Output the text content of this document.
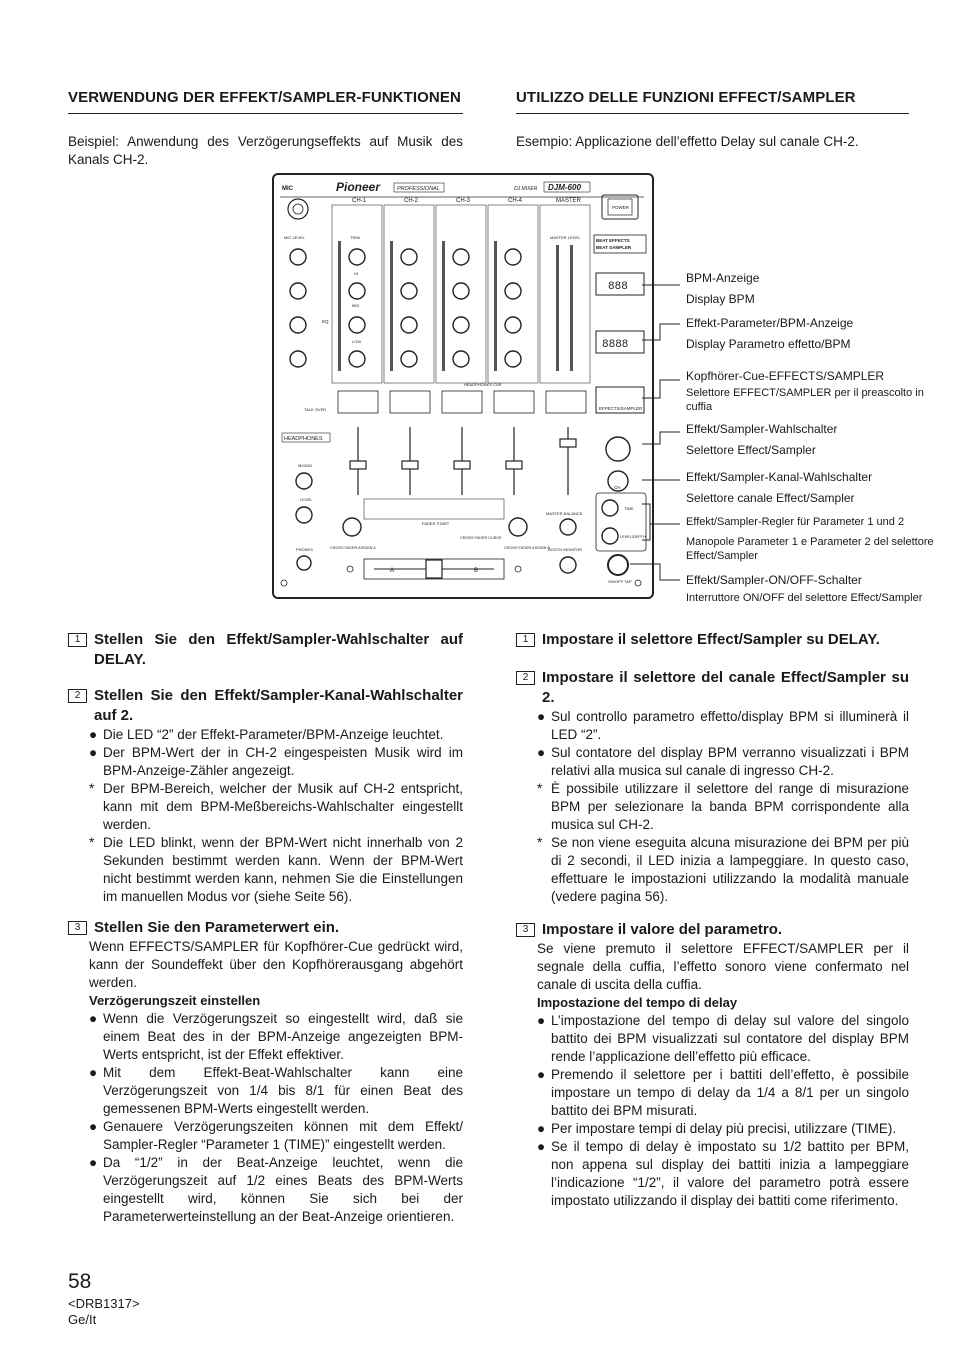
VERWENDUNG DER EFFEKT/SAMPLER-FUNKTIONEN	UTILIZZO DELLE FUNZIONI EFFECT/SAMPLER
Beispiel: Anwendung des Verzögerungseffekts auf Musik des Kanals CH-2.
Esempio: Applicazione dell’effetto Delay sul canale CH-2.
MIC	Pioneer	PROFESSIONAL	DJ MIXER DJM-600
POWER
CH-1	CH-2	CH-3	CH-4	MASTER
MIC LEVEL	TRIM
HI
MID
LOW
EQ
MASTER LEVEL
TALK OVER
HEADPHONES CUE
BEAT EFFECTS
BEAT SAMPLER
888
8888
EFFECTS/SAMPLER
CH
TIME
LEVEL/DEPTH
ON/OFF TAP
HEADPHONES
MIXING
LEVEL
PHONES
FADER START
CROSS FADER CURVE
CROSS FADER ASSIGN A	CROSS FADER ASSIGN B
MASTER BALANCE
BOOTH MONITOR
A	B
BPM-Anzeige
Display BPM
Effekt-Parameter/BPM-Anzeige
Display Parametro effetto/BPM
Kopfhörer-Cue-EFFECTS/SAMPLER
Selettore EFFECT/SAMPLER per il preascolto in cuffia
Effekt/Sampler-Wahlschalter
Selettore Effect/Sampler
Effekt/Sampler-Kanal-Wahlschalter
Selettore canale Effect/Sampler
Effekt/Sampler-Regler für Parameter 1 und 2
Manopole Parameter 1 e Parameter 2 del selettore Effect/Sampler
Effekt/Sampler-ON/OFF-Schalter
Interruttore ON/OFF del selettore Effect/Sampler
1 Stellen Sie den Effekt/Sampler-Wahlschalter auf DELAY.
2 Stellen Sie den Effekt/Sampler-Kanal-Wahlschalter auf 2.
● Die LED “2” der Effekt-Parameter/BPM-Anzeige leuchtet.
● Der BPM-Wert der in CH-2 eingespeisten Musik wird im BPM-Anzeige-Zähler angezeigt.
* Der BPM-Bereich, welcher der Musik auf CH-2 entspricht, kann mit dem BPM-Meßbereichs-Wahlschalter eingestellt werden.
* Die LED blinkt, wenn der BPM-Wert nicht innerhalb von 2 Sekunden bestimmt werden kann. Wenn der BPM-Wert nicht bestimmt werden kann, nehmen Sie die Einstellungen im manuellen Modus vor (siehe Seite 56).
3 Stellen Sie den Parameterwert ein.
Wenn EFFECTS/SAMPLER für Kopfhörer-Cue gedrückt wird, kann der Soundeffekt über den Kopfhörerausgang abgehört werden.
Verzögerungszeit einstellen
● Wenn die Verzögerungszeit so eingestellt wird, daß sie einem Beat des in der BPM-Anzeige angezeigten BPM-Werts entspricht, ist der Effekt effektiver.
● Mit dem Effekt-Beat-Wahlschalter kann eine Verzögerungszeit von 1/4 bis 8/1 für einen Beat des gemessenen BPM-Werts eingestellt werden.
● Genauere Verzögerungszeiten können mit dem Effekt/ Sampler-Regler “Parameter 1 (TIME)” eingestellt werden.
● Da “1/2” in der Beat-Anzeige leuchtet, wenn die Verzögerungszeit auf 1/2 eines Beats des BPM-Werts eingestellt wird, können Sie sich bei der Parameterwerteinstellung an der Beat-Anzeige orientieren.
1 Impostare il selettore Effect/Sampler su DELAY.
2 Impostare il selettore del canale Effect/Sampler su 2.
● Sul controllo parametro effetto/display BPM si illuminerà il LED “2”.
● Sul contatore del display BPM verranno visualizzati i BPM relativi alla musica sul canale di ingresso CH-2.
* È possibile utilizzare il selettore del range di misurazione BPM per selezionare la banda BPM corrispondente alla musica sul CH-2.
* Se non viene eseguita alcuna misurazione dei BPM per più di 2 secondi, il LED inizia a lampeggiare. In questo caso, effettuare le impostazioni utilizzando la modalità manuale (vedere pagina 56).
3 Impostare il valore del parametro.
Se viene premuto il selettore EFFECT/SAMPLER per il segnale della cuffia, l’effetto sonoro viene confermato nel canale di uscita della cuffia.
Impostazione del tempo di delay
● L’impostazione del tempo di delay sul valore del singolo battito dei BPM visualizzati sul contatore del display BPM rende l’applicazione dell’effetto più efficace.
● Premendo il selettore per i battiti dell’effetto, è possibile impostare un tempo di delay da 1/4 a 8/1 per un singolo battito dei BPM misurati.
● Per impostare tempi di delay più precisi, utilizzare (TIME).
● Se il tempo di delay è impostato su 1/2 battito per BPM, non appena sul display dei battiti inizia a lampeggiare l’indicazione “1/2”, il valore del parametro potrà essere impostato utilizzando il display dei battiti come riferimento.
58
<DRB1317>
Ge/It
